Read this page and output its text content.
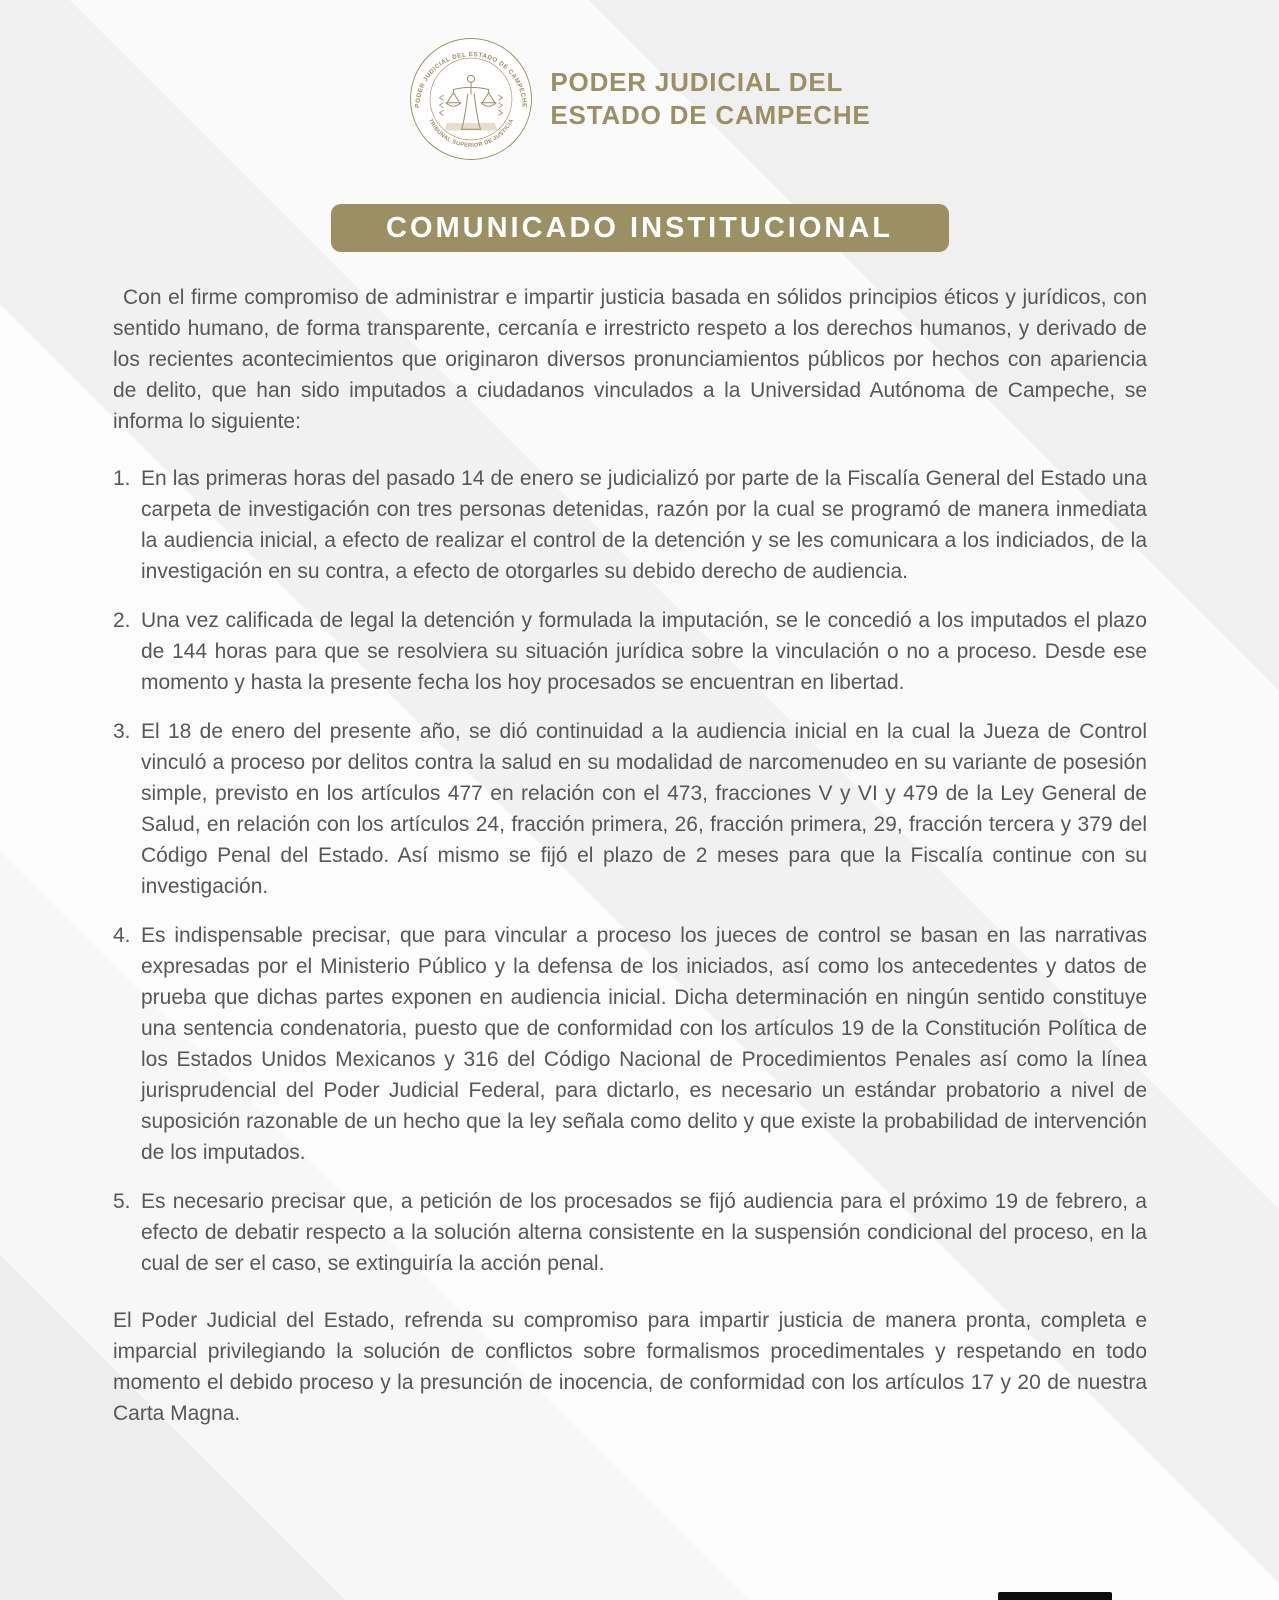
PODER JUDICIAL DEL ESTADO DE CAMPECHE
TRIBUNAL SUPERIOR DE JUSTICIA
PODER JUDICIAL DEL
ESTADO DE CAMPECHE
COMUNICADO INSTITUCIONAL

Con el firme compromiso de administrar e impartir justicia basada en sólidos principios éticos y jurídicos, con sentido humano, de forma transparente, cercanía e irrestricto respeto a los derechos humanos, y derivado de los recientes acontecimientos que originaron diversos pronunciamientos públicos por hechos con apariencia de delito, que han sido imputados a ciudadanos vinculados a la Universidad Autónoma de Campeche, se informa lo siguiente:

1. En las primeras horas del pasado 14 de enero se judicializó por parte de la Fiscalía General del Estado una carpeta de investigación con tres personas detenidas, razón por la cual se programó de manera inmediata la audiencia inicial, a efecto de realizar el control de la detención y se les comunicara a los indiciados, de la investigación en su contra, a efecto de otorgarles su debido derecho de audiencia.
2. Una vez calificada de legal la detención y formulada la imputación, se le concedió a los imputados el plazo de 144 horas para que se resolviera su situación jurídica sobre la vinculación o no a proceso. Desde ese momento y hasta la presente fecha los hoy procesados se encuentran en libertad.
3. El 18 de enero del presente año, se dió continuidad a la audiencia inicial en la cual la Jueza de Control vinculó a proceso por delitos contra la salud en su modalidad de narcomenudeo en su variante de posesión simple, previsto en los artículos 477 en relación con el 473, fracciones V y VI y 479 de la Ley General de Salud, en relación con los artículos 24, fracción primera, 26, fracción primera, 29, fracción tercera y 379 del Código Penal del Estado. Así mismo se fijó el plazo de 2 meses para que la Fiscalía continue con su investigación.
4. Es indispensable precisar, que para vincular a proceso los jueces de control se basan en las narrativas expresadas por el Ministerio Público y la defensa de los iniciados, así como los antecedentes y datos de prueba que dichas partes exponen en audiencia inicial. Dicha determinación en ningún sentido constituye una sentencia condenatoria, puesto que de conformidad con los artículos 19 de la Constitución Política de los Estados Unidos Mexicanos y 316 del Código Nacional de Procedimientos Penales así como la línea jurisprudencial del Poder Judicial Federal, para dictarlo, es necesario un estándar probatorio a nivel de suposición razonable de un hecho que la ley señala como delito y que existe la probabilidad de intervención de los imputados.
5. Es necesario precisar que, a petición de los procesados se fijó audiencia para el próximo 19 de febrero, a efecto de debatir respecto a la solución alterna consistente en la suspensión condicional del proceso, en la cual de ser el caso, se extinguiría la acción penal.

El Poder Judicial del Estado, refrenda su compromiso para impartir justicia de manera pronta, completa e imparcial privilegiando la solución de conflictos sobre formalismos procedimentales y respetando en todo momento el debido proceso y la presunción de inocencia, de conformidad con los artículos 17 y 20 de nuestra Carta Magna.
